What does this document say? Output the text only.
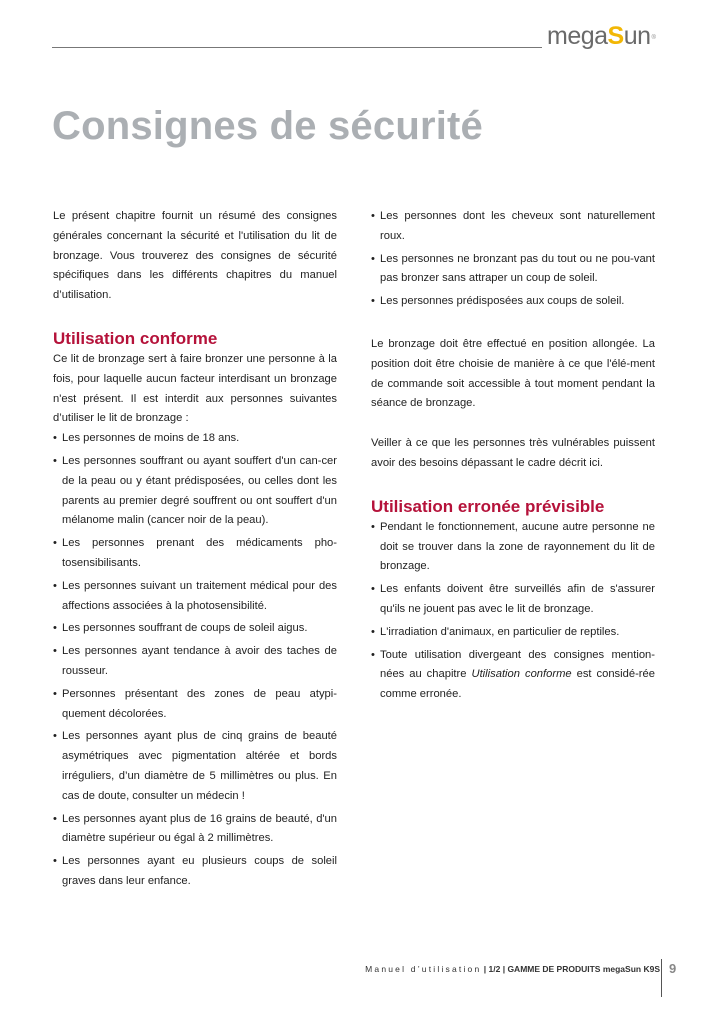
megaSun®
Consignes de sécurité

Le présent chapitre fournit un résumé des consignes générales concernant la sécurité et l'utilisation du lit de bronzage. Vous trouverez des consignes de sécurité spécifiques dans les différents chapitres du manuel d’utilisation.

Utilisation conforme

Ce lit de bronzage sert à faire bronzer une personne à la fois, pour laquelle aucun facteur interdisant un bronzage n'est présent. Il est interdit aux personnes suivantes d’utiliser le lit de bronzage :

• Les personnes de moins de 18 ans.
• Les personnes souffrant ou ayant souffert d'un can-cer de la peau ou y étant prédisposées, ou celles dont les parents au premier degré souffrent ou ont souffert d'un mélanome malin (cancer noir de la peau).
• Les personnes prenant des médicaments pho-tosensibilisants.
• Les personnes suivant un traitement médical pour des affections associées à la photosensibilité.
• Les personnes souffrant de coups de soleil aigus.
• Les personnes ayant tendance à avoir des taches de rousseur.
• Personnes présentant des zones de peau atypi-quement décolorées.
• Les personnes ayant plus de cinq grains de beauté asymétriques avec pigmentation altérée et bords irréguliers, d’un diamètre de 5 millimètres ou plus. En cas de doute, consulter un médecin !
• Les personnes ayant plus de 16 grains de beauté, d'un diamètre supérieur ou égal à 2 millimètres.
• Les personnes ayant eu plusieurs coups de soleil graves dans leur enfance.
• Les personnes dont les cheveux sont naturellement roux.
• Les personnes ne bronzant pas du tout ou ne pou-vant pas bronzer sans attraper un coup de soleil.
• Les personnes prédisposées aux coups de soleil.

Le bronzage doit être effectué en position allongée. La position doit être choisie de manière à ce que l'élé-ment de commande soit accessible à tout moment pendant la séance de bronzage.

Veiller à ce que les personnes très vulnérables puissent avoir des besoins dépassant le cadre décrit ici.

Utilisation erronée prévisible
• Pendant le fonctionnement, aucune autre personne ne doit se trouver dans la zone de rayonnement du lit de bronzage.
• Les enfants doivent être surveillés afin de s'assurer qu'ils ne jouent pas avec le lit de bronzage.
• L'irradiation d'animaux, en particulier de reptiles.
• Toute utilisation divergeant des consignes mention-nées au chapitre Utilisation conforme est considé-rée comme erronée.
Manuel d’utilisation | 1/2 | GAMME DE PRODUITS megaSun K9S 9
